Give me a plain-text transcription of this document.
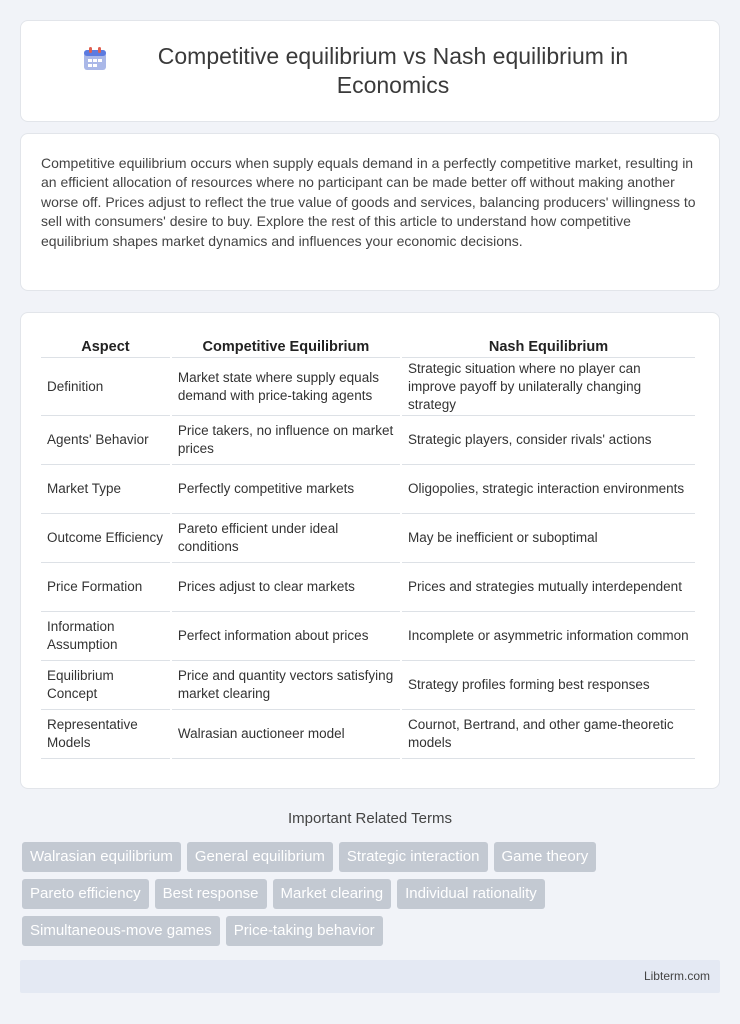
Competitive equilibrium vs Nash equilibrium in Economics

Competitive equilibrium occurs when supply equals demand in a perfectly competitive market, resulting in an efficient allocation of resources where no participant can be made better off without making another worse off. Prices adjust to reflect the true value of goods and services, balancing producers' willingness to sell with consumers' desire to buy. Explore the rest of this article to understand how competitive equilibrium shapes market dynamics and influences your economic decisions.

Aspect	Competitive Equilibrium	Nash Equilibrium
Definition	Market state where supply equals demand with price-taking agents	Strategic situation where no player can improve payoff by unilaterally changing strategy
Agents' Behavior	Price takers, no influence on market prices	Strategic players, consider rivals' actions
Market Type	Perfectly competitive markets	Oligopolies, strategic interaction environments
Outcome Efficiency	Pareto efficient under ideal conditions	May be inefficient or suboptimal
Price Formation	Prices adjust to clear markets	Prices and strategies mutually interdependent
Information Assumption	Perfect information about prices	Incomplete or asymmetric information common
Equilibrium Concept	Price and quantity vectors satisfying market clearing	Strategy profiles forming best responses
Representative Models	Walrasian auctioneer model	Cournot, Bertrand, and other game-theoretic models
Important Related Terms
Walrasian equilibrium	General equilibrium	Strategic interaction	Game theory
Pareto efficiency	Best response	Market clearing	Individual rationality
Simultaneous-move games	Price-taking behavior
Libterm.com
